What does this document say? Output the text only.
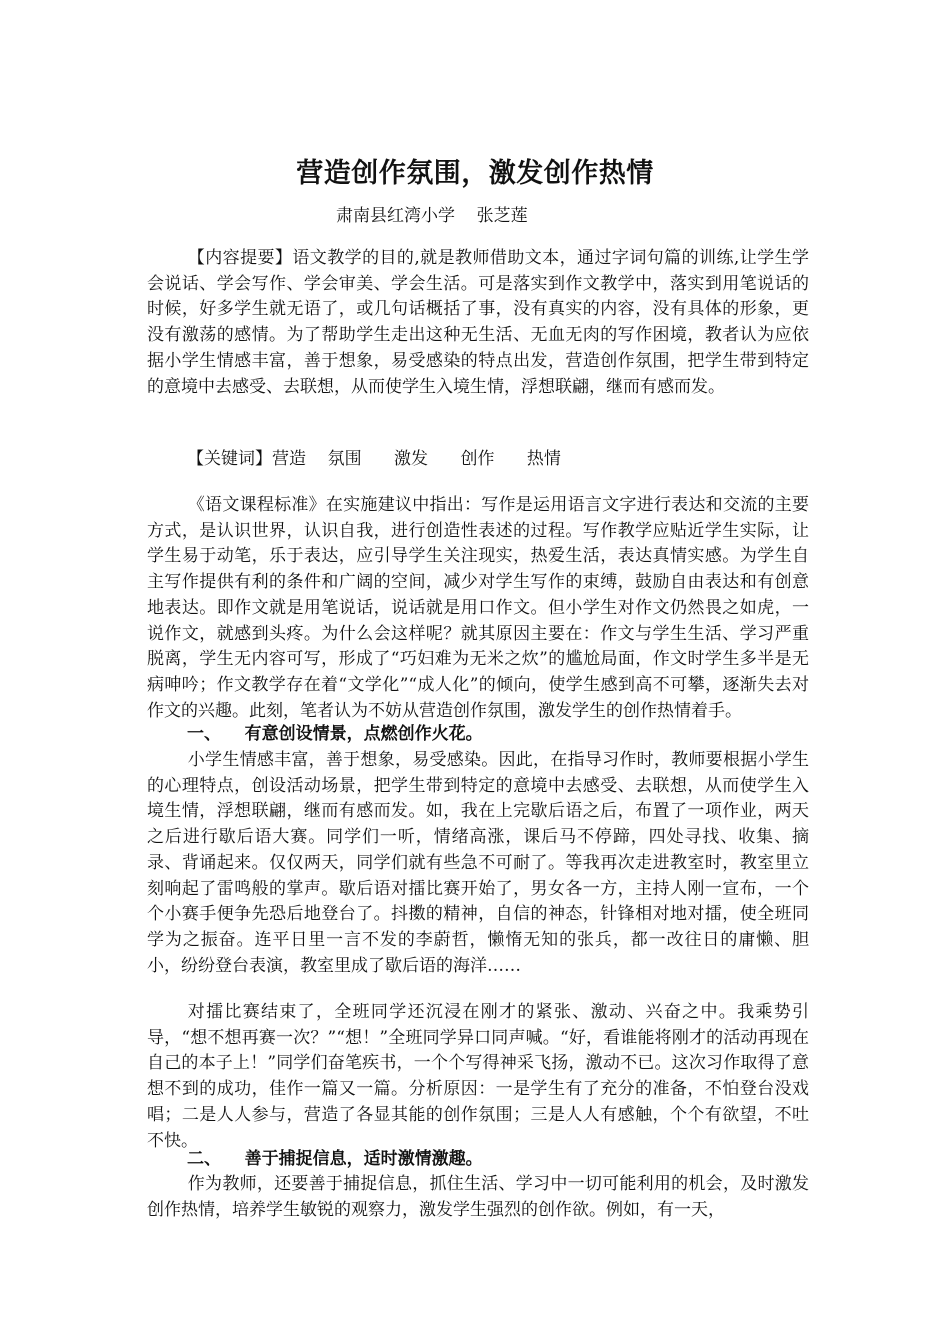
营造创作氛围，激发创作热情
肃南县红湾小学    张芝莲

【内容提要】语文教学的目的,就是教师借助文本，通过字词句篇的训练,让学生学会说话、学会写作、学会审美、学会生活。可是落实到作文教学中，落实到用笔说话的时候，好多学生就无语了，或几句话概括了事，没有真实的内容，没有具体的形象，更没有激荡的感情。为了帮助学生走出这种无生活、无血无肉的写作困境，教者认为应依据小学生情感丰富，善于想象，易受感染的特点出发，营造创作氛围，把学生带到特定的意境中去感受、去联想，从而使学生入境生情，浮想联翩，继而有感而发。

【关键词】营造    氛围      激发      创作      热情

《语文课程标准》在实施建议中指出：写作是运用语言文字进行表达和交流的主要方式，是认识世界，认识自我，进行创造性表述的过程。写作教学应贴近学生实际，让学生易于动笔，乐于表达，应引导学生关注现实，热爱生活，表达真情实感。为学生自主写作提供有利的条件和广阔的空间，减少对学生写作的束缚，鼓励自由表达和有创意地表达。即作文就是用笔说话，说话就是用口作文。但小学生对作文仍然畏之如虎，一说作文，就感到头疼。为什么会这样呢？就其原因主要在：作文与学生生活、学习严重脱离，学生无内容可写，形成了“巧妇难为无米之炊”的尴尬局面，作文时学生多半是无病呻吟；作文教学存在着“文学化”“成人化”的倾向，使学生感到高不可攀，逐渐失去对作文的兴趣。此刻，笔者认为不妨从营造创作氛围，激发学生的创作热情着手。

一、    有意创设情景，点燃创作火花。

小学生情感丰富，善于想象，易受感染。因此，在指导习作时，教师要根据小学生的心理特点，创设活动场景，把学生带到特定的意境中去感受、去联想，从而使学生入境生情，浮想联翩，继而有感而发。如，我在上完歇后语之后，布置了一项作业，两天之后进行歇后语大赛。同学们一听，情绪高涨，课后马不停蹄，四处寻找、收集、摘录、背诵起来。仅仅两天，同学们就有些急不可耐了。等我再次走进教室时，教室里立刻响起了雷鸣般的掌声。歇后语对擂比赛开始了，男女各一方，主持人刚一宣布，一个个小赛手便争先恐后地登台了。抖擞的精神，自信的神态，针锋相对地对擂，使全班同学为之振奋。连平日里一言不发的李蔚哲，懒惰无知的张兵，都一改往日的庸懒、胆小，纷纷登台表演，教室里成了歇后语的海洋……

对擂比赛结束了，全班同学还沉浸在刚才的紧张、激动、兴奋之中。我乘势引导，“想不想再赛一次？”“想！”全班同学异口同声喊。“好，看谁能将刚才的活动再现在自己的本子上！”同学们奋笔疾书，一个个写得神采飞扬，激动不已。这次习作取得了意想不到的成功，佳作一篇又一篇。分析原因：一是学生有了充分的准备，不怕登台没戏唱；二是人人参与，营造了各显其能的创作氛围；三是人人有感触，个个有欲望，不吐不快。

二、    善于捕捉信息，适时激情激趣。

作为教师，还要善于捕捉信息，抓住生活、学习中一切可能利用的机会，及时激发创作热情，培养学生敏锐的观察力，激发学生强烈的创作欲。例如，有一天，
